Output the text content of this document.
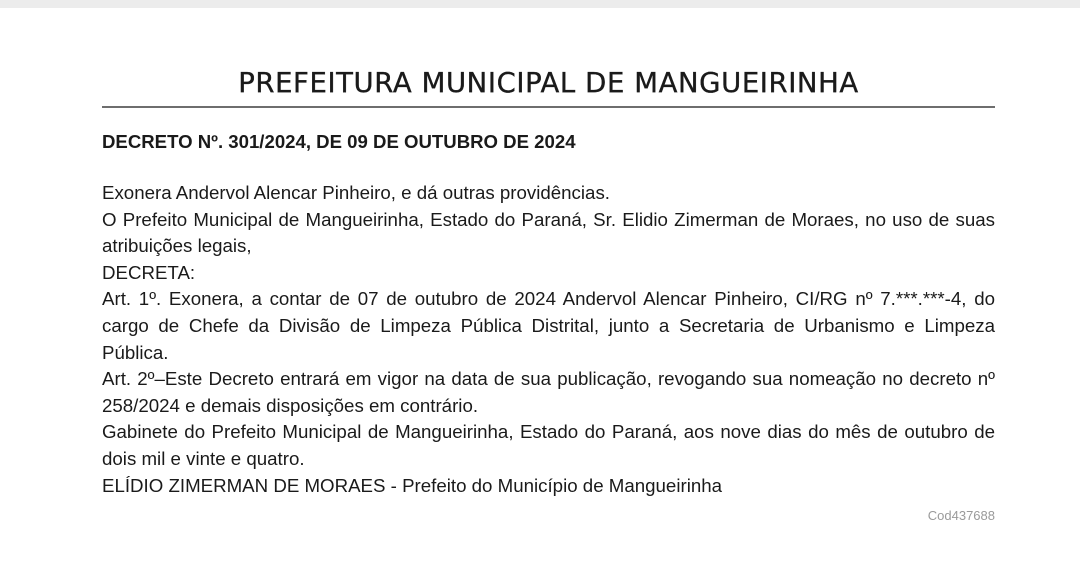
PREFEITURA MUNICIPAL DE MANGUEIRINHA
DECRETO Nº. 301/2024, DE 09 DE OUTUBRO DE 2024

Exonera Andervol Alencar Pinheiro, e dá outras providências.

O Prefeito Municipal de Mangueirinha, Estado do Paraná, Sr. Elidio Zimerman de Moraes, no uso de suas atribuições legais,

DECRETA:

Art. 1º. Exonera, a contar de 07 de outubro de 2024 Andervol Alencar Pinheiro, CI/RG nº 7.***.***-4, do cargo de Chefe da Divisão de Limpeza Pública Distrital, junto a Secretaria de Urbanismo e Limpeza Pública.

Art. 2º–Este Decreto entrará em vigor na data de sua publicação, revogando sua nomeação no decreto nº 258/2024 e demais disposições em contrário.

Gabinete do Prefeito Municipal de Mangueirinha, Estado do Paraná, aos nove dias do mês de outubro de dois mil e vinte e quatro.

ELÍDIO ZIMERMAN DE MORAES - Prefeito do Município de Mangueirinha

Cod437688
